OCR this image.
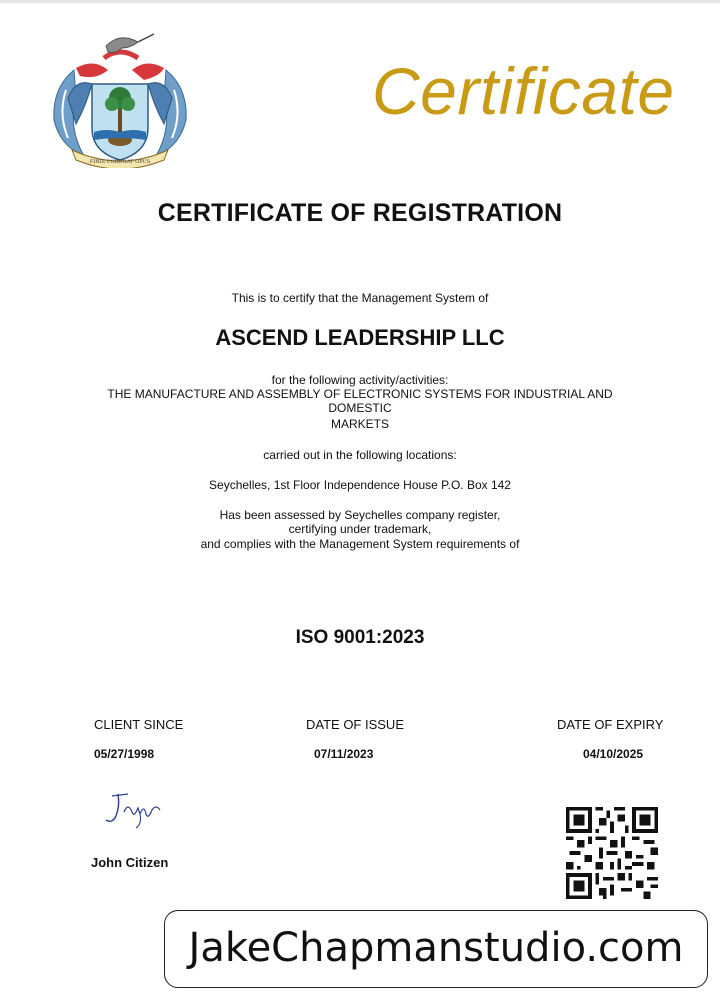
FINIS CORONAT OPUS
Certificate
CERTIFICATE OF REGISTRATION
This is to certify that the Management System of
ASCEND LEADERSHIP LLC
for the following activity/activities:
THE MANUFACTURE AND ASSEMBLY OF ELECTRONIC SYSTEMS FOR INDUSTRIAL AND
DOMESTIC
MARKETS
carried out in the following locations:
Seychelles, 1st Floor Independence House P.O. Box 142
Has been assessed by Seychelles company register,
certifying under trademark,
and complies with the Management System requirements of
ISO 9001:2023
CLIENT SINCE
05/27/1998
DATE OF ISSUE
07/11/2023
DATE OF EXPIRY
04/10/2025
John Citizen
JakeChapmanstudio.com
